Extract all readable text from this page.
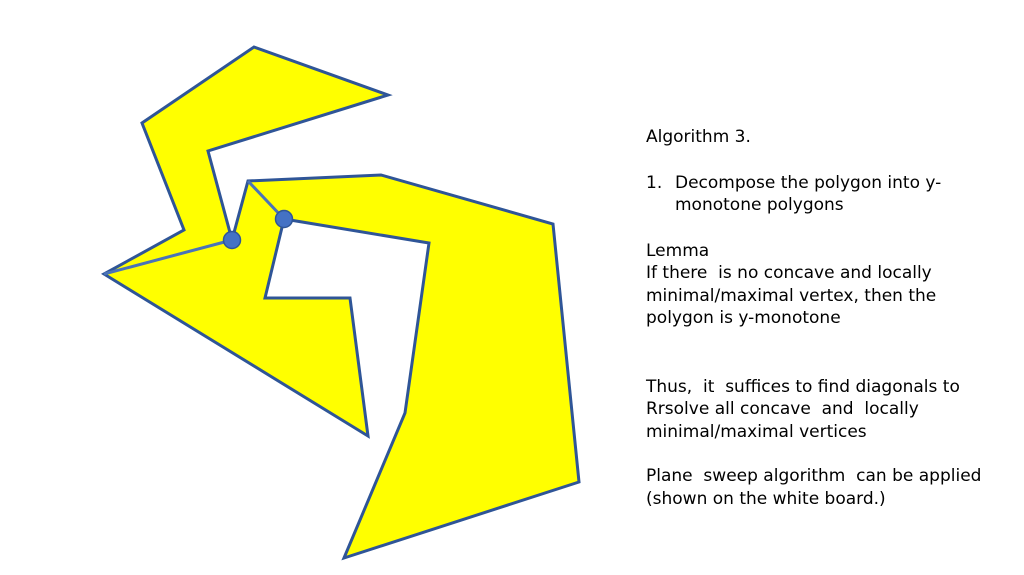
Algorithm 3.

1. Decompose the polygon into y-monotone polygons

Lemma

If there  is no concave and locally minimal/maximal vertex, then the polygon is y-monotone

Thus,  it  suffices to find diagonals to Rrsolve all concave  and  locally minimal/maximal vertices

Plane  sweep algorithm  can be applied (shown on the white board.)
